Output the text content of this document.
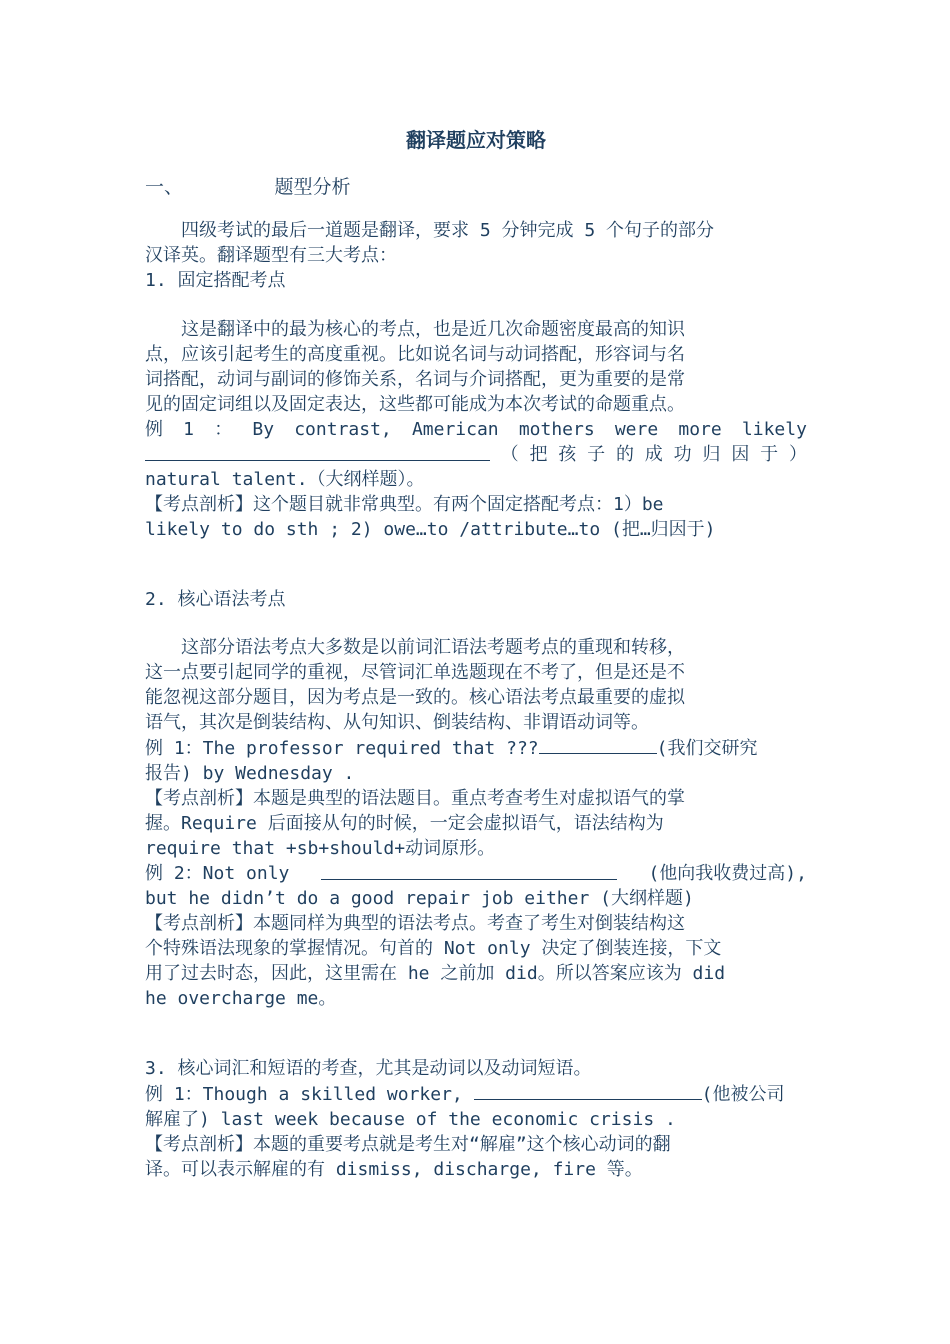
翻译题应对策略
一、	题型分析
四级考试的最后一道题是翻译，要求 5 分钟完成 5 个句子的部分
汉译英。翻译题型有三大考点：
1. 固定搭配考点
这是翻译中的最为核心的考点，也是近几次命题密度最高的知识
点，应该引起考生的高度重视。比如说名词与动词搭配，形容词与名
词搭配，动词与副词的修饰关系，名词与介词搭配，更为重要的是常
见的固定词组以及固定表达，这些都可能成为本次考试的命题重点。
例 1 ： By contrast, American mothers were more likely
（ 把 孩 子 的 成 功 归 因 于 ）
natural talent.（大纲样题）。
【考点剖析】这个题目就非常典型。有两个固定搭配考点：1）be
likely to do sth ; 2) owe…to /attribute…to (把…归因于)
2. 核心语法考点
这部分语法考点大多数是以前词汇语法考题考点的重现和转移，
这一点要引起同学的重视，尽管词汇单选题现在不考了，但是还是不
能忽视这部分题目，因为考点是一致的。核心语法考点最重要的虚拟
语气，其次是倒装结构、从句知识、倒装结构、非谓语动词等。
例 1：The professor required that ???	(我们交研究
报告) by Wednesday .
【考点剖析】本题是典型的语法题目。重点考查考生对虚拟语气的掌
握。Require 后面接从句的时候，一定会虚拟语气，语法结构为
require that +sb+should+动词原形。
例 2：Not only	(他向我收费过高),
but he didn’t do a good repair job either (大纲样题)
【考点剖析】本题同样为典型的语法考点。考查了考生对倒装结构这
个特殊语法现象的掌握情况。句首的 Not only 决定了倒装连接，下文
用了过去时态，因此，这里需在 he 之前加 did。所以答案应该为 did
he overcharge me。
3. 核心词汇和短语的考查，尤其是动词以及动词短语。
例 1：Though a skilled worker,	(他被公司
解雇了) last week because of the economic crisis .
【考点剖析】本题的重要考点就是考生对“解雇”这个核心动词的翻
译。可以表示解雇的有 dismiss, discharge, fire 等。
